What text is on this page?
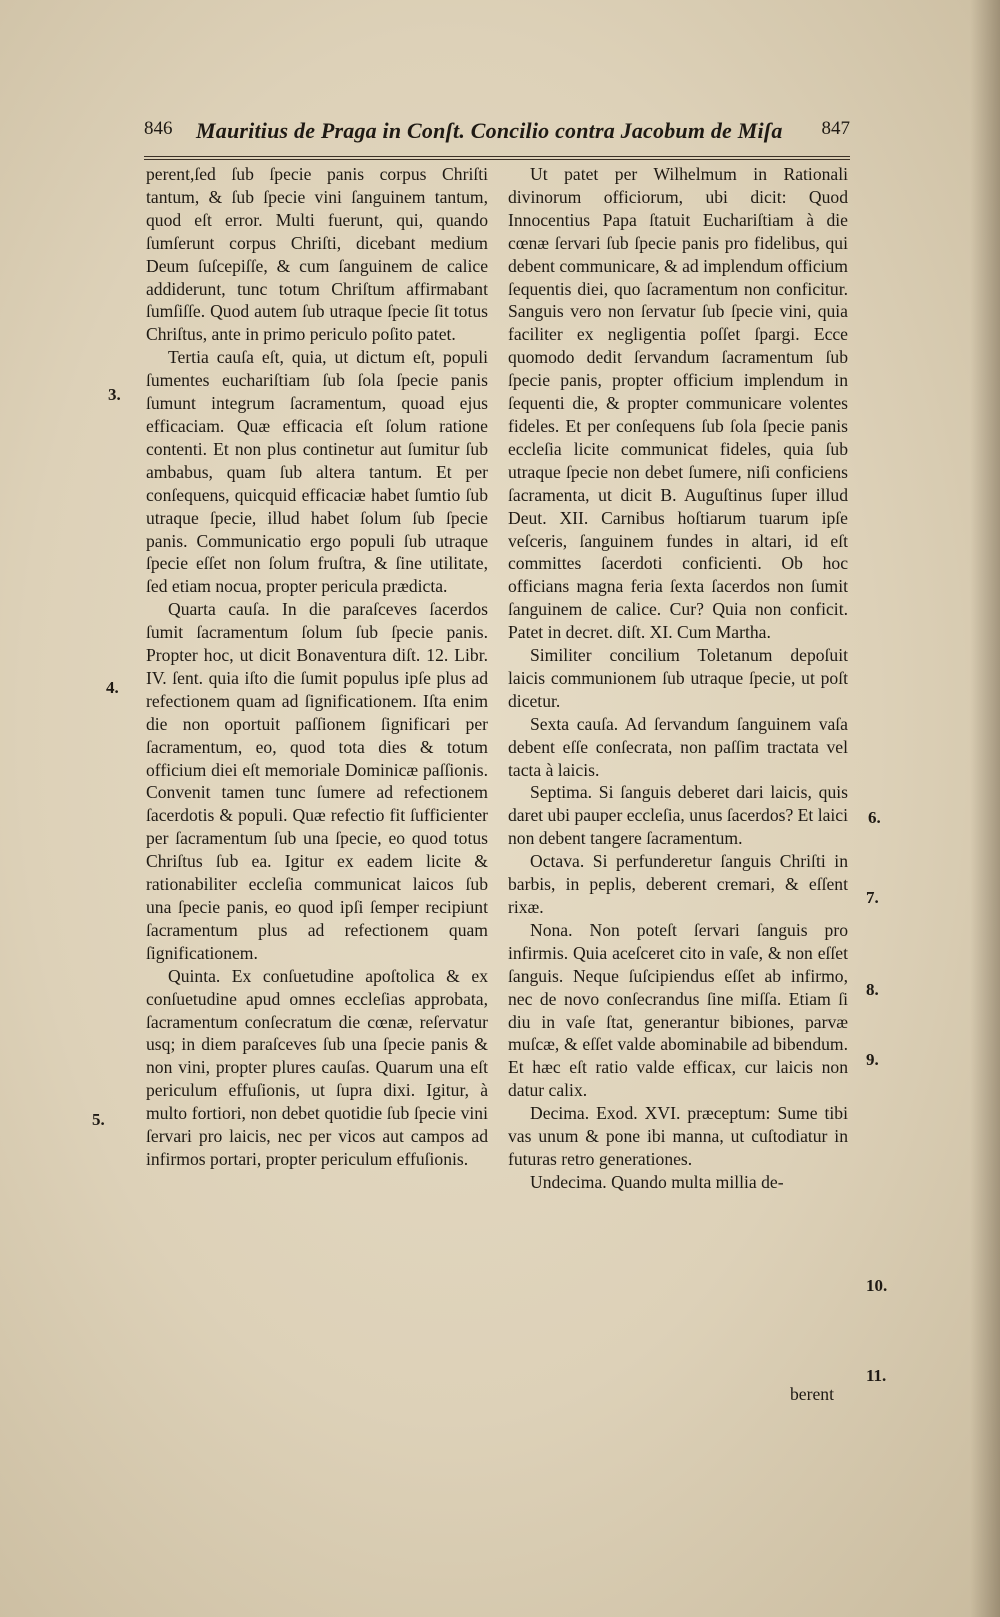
846 Mauritius de Praga in Conſt. Concilio contra Jacobum de Miſa 847

perent,ſed ſub ſpecie panis corpus Chriſti tantum, & ſub ſpecie vini ſanguinem tantum, quod eſt error. Multi fuerunt, qui, quando ſumſerunt corpus Chriſti, dicebant medium Deum ſuſcepiſſe, & cum ſanguinem de calice addiderunt, tunc totum Chriſtum affirmabant ſumſiſſe. Quod autem ſub utraque ſpecie ſit totus Chriſtus, ante in primo periculo poſito patet.

Tertia cauſa eſt, quia, ut dictum eſt, populi ſumentes euchariſtiam ſub ſola ſpecie panis ſumunt integrum ſacramentum, quoad ejus efficaciam. Quæ efficacia eſt ſolum ratione contenti. Et non plus continetur aut ſumitur ſub ambabus, quam ſub altera tantum. Et per conſequens, quicquid efficaciæ habet ſumtio ſub utraque ſpecie, illud habet ſolum ſub ſpecie panis. Communicatio ergo populi ſub utraque ſpecie eſſet non ſolum fruſtra, & ſine utilitate, ſed etiam nocua, propter pericula prædicta.

Quarta cauſa. In die paraſceves ſacerdos ſumit ſacramentum ſolum ſub ſpecie panis. Propter hoc, ut dicit Bonaventura diſt. 12. Libr. IV. ſent. quia iſto die ſumit populus ipſe plus ad refectionem quam ad ſignificationem. Iſta enim die non oportuit paſſionem ſignificari per ſacramentum, eo, quod tota dies & totum officium diei eſt memoriale Dominicæ paſſionis. Convenit tamen tunc ſumere ad refectionem ſacerdotis & populi. Quæ refectio fit ſufficienter per ſacramentum ſub una ſpecie, eo quod totus Chriſtus ſub ea. Igitur ex eadem licite & rationabiliter eccleſia communicat laicos ſub una ſpecie panis, eo quod ipſi ſemper recipiunt ſacramentum plus ad refectionem quam ſignificationem.

Quinta. Ex conſuetudine apoſtolica & ex conſuetudine apud omnes eccleſias approbata, ſacramentum conſecratum die cœnæ, reſervatur usq; in diem paraſceves ſub una ſpecie panis & non vini, propter plures cauſas. Quarum una eſt periculum effuſionis, ut ſupra dixi. Igitur, à multo fortiori, non debet quotidie ſub ſpecie vini ſervari pro laicis, nec per vicos aut campos ad infirmos portari, propter periculum effuſionis.

Ut patet per Wilhelmum in Rationali divinorum officiorum, ubi dicit: Quod Innocentius Papa ſtatuit Euchariſtiam à die cœnæ ſervari ſub ſpecie panis pro fidelibus, qui debent communicare, & ad implendum officium ſequentis diei, quo ſacramentum non conficitur. Sanguis vero non ſervatur ſub ſpecie vini, quia faciliter ex negligentia poſſet ſpargi. Ecce quomodo dedit ſervandum ſacramentum ſub ſpecie panis, propter officium implendum in ſequenti die, & propter communicare volentes fideles. Et per conſequens ſub ſola ſpecie panis eccleſia licite communicat fideles, quia ſub utraque ſpecie non debet ſumere, niſi conficiens ſacramenta, ut dicit B. Auguſtinus ſuper illud Deut. XII. Carnibus hoſtiarum tuarum ipſe veſceris, ſanguinem fundes in altari, id eſt committes ſacerdoti conficienti. Ob hoc officians magna feria ſexta ſacerdos non ſumit ſanguinem de calice. Cur? Quia non conficit. Patet in decret. diſt. XI. Cum Martha.

Similiter concilium Toletanum depoſuit laicis communionem ſub utraque ſpecie, ut poſt dicetur.

Sexta cauſa. Ad ſervandum ſanguinem vaſa debent eſſe conſecrata, non paſſim tractata vel tacta à laicis.

Septima. Si ſanguis deberet dari laicis, quis daret ubi pauper eccleſia, unus ſacerdos? Et laici non debent tangere ſacramentum.

Octava. Si perfunderetur ſanguis Chriſti in barbis, in peplis, deberent cremari, & eſſent rixæ.

Nona. Non poteſt ſervari ſanguis pro infirmis. Quia aceſceret cito in vaſe, & non eſſet ſanguis. Neque ſuſcipiendus eſſet ab infirmo, nec de novo conſecrandus ſine miſſa. Etiam ſi diu in vaſe ſtat, generantur bibiones, parvæ muſcæ, & eſſet valde abominabile ad bibendum. Et hæc eſt ratio valde efficax, cur laicis non datur calix.

Decima. Exod. XVI. præceptum: Sume tibi vas unum & pone ibi manna, ut cuſtodiatur in futuras retro generationes.

Undecima. Quando multa millia de-

berent
3.
4.
5.
6.
7.
8.
9.
10.
11.
